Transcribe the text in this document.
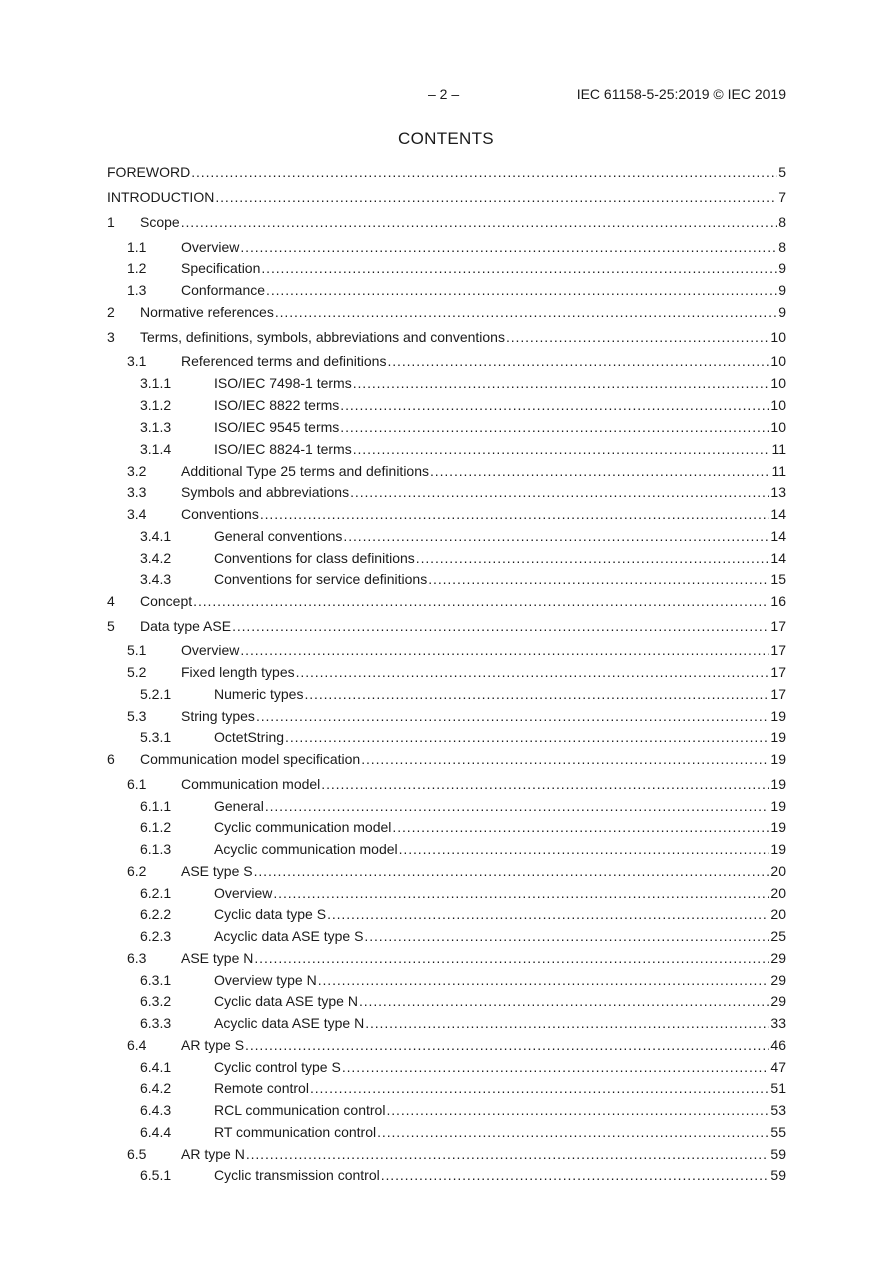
– 2 –	IEC 61158-5-25:2019 © IEC 2019
CONTENTS
FOREWORD .....	5
INTRODUCTION .....	7
1	Scope .....	8
1.1	Overview .....	8
1.2	Specification .....	9
1.3	Conformance .....	9
2	Normative references .....	9
3	Terms, definitions, symbols, abbreviations and conventions .....	10
3.1	Referenced terms and definitions .....	10
3.1.1	ISO/IEC 7498-1 terms .....	10
3.1.2	ISO/IEC 8822 terms .....	10
3.1.3	ISO/IEC 9545 terms .....	10
3.1.4	ISO/IEC 8824-1 terms .....	11
3.2	Additional Type 25 terms and definitions .....	11
3.3	Symbols and abbreviations .....	13
3.4	Conventions .....	14
3.4.1	General conventions .....	14
3.4.2	Conventions for class definitions .....	14
3.4.3	Conventions for service definitions .....	15
4	Concept .....	16
5	Data type ASE .....	17
5.1	Overview .....	17
5.2	Fixed length types .....	17
5.2.1	Numeric types .....	17
5.3	String types .....	19
5.3.1	OctetString .....	19
6	Communication model specification .....	19
6.1	Communication model .....	19
6.1.1	General .....	19
6.1.2	Cyclic communication model .....	19
6.1.3	Acyclic communication model .....	19
6.2	ASE type S .....	20
6.2.1	Overview .....	20
6.2.2	Cyclic data type S .....	20
6.2.3	Acyclic data ASE type S .....	25
6.3	ASE type N .....	29
6.3.1	Overview type N .....	29
6.3.2	Cyclic data ASE type N .....	29
6.3.3	Acyclic data ASE type N .....	33
6.4	AR type S .....	46
6.4.1	Cyclic control type S .....	47
6.4.2	Remote control .....	51
6.4.3	RCL communication control .....	53
6.4.4	RT communication control .....	55
6.5	AR type N .....	59
6.5.1	Cyclic transmission control .....	59
